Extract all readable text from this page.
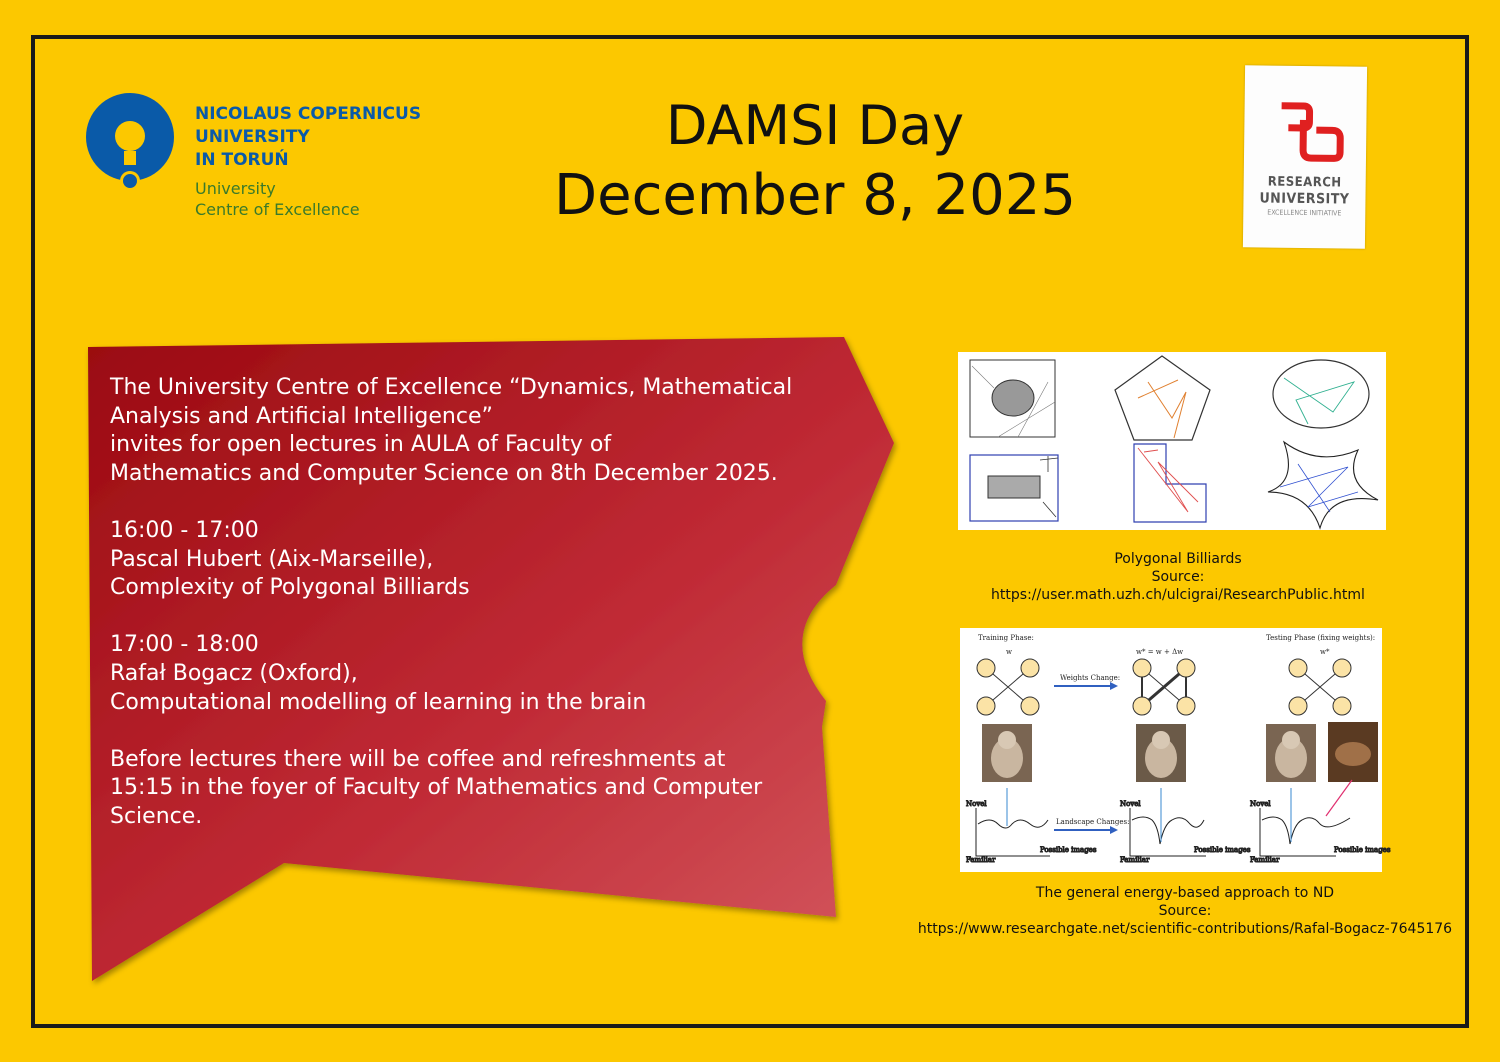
NICOLAUS COPERNICUS
UNIVERSITY
IN TORUŃ
University
Centre of Excellence
DAMSI Day
December 8, 2025	RESEARCH
UNIVERSITY
EXCELLENCE INITIATIVE

The University Centre of Excellence “Dynamics, Mathematical
Analysis and Artificial Intelligence”
invites for open lectures in AULA of Faculty of
Mathematics and Computer Science on 8th December 2025.

16:00 - 17:00
Pascal Hubert (Aix-Marseille),
Complexity of Polygonal Billiards

17:00 - 18:00
Rafał Bogacz (Oxford),
Computational modelling of learning in the brain

Before lectures there will be coffee and refreshments at
15:15 in the foyer of Faculty of Mathematics and Computer
Science.

Polygonal Billiards
Source:
https://user.math.uzh.ch/ulcigrai/ResearchPublic.html
Training Phase:
w	w* = w + Δw
Testing Phase (fixing weights):
w*
Weights Change:
Novel
Familiar
Possible images
Landscape Changes:
Novel
Familiar
Possible images
Novel
Familiar
Possible images
The general energy-based approach to ND
Source:
https://www.researchgate.net/scientific-contributions/Rafal-Bogacz-7645176
